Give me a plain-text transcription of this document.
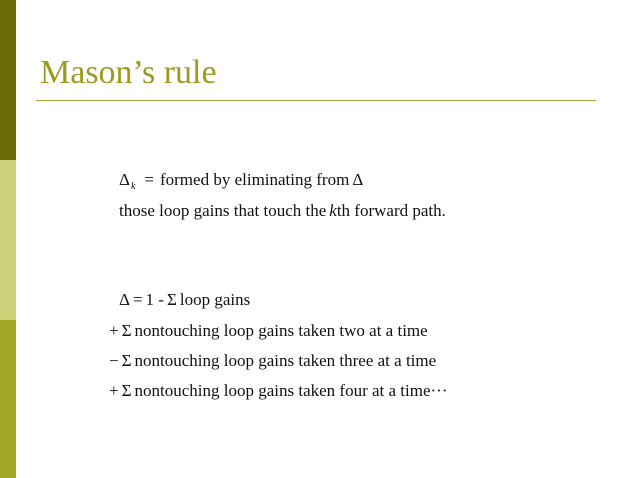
Mason’s rule
$\Delta_k$ = formed by eliminating from Δ
those loop gains that touch the kth forward path.
Δ = 1 - Σ loop gains
+ Σ nontouching loop gains taken two at a time
− Σ nontouching loop gains taken three at a time
+ Σ nontouching loop gains taken four at a time···
